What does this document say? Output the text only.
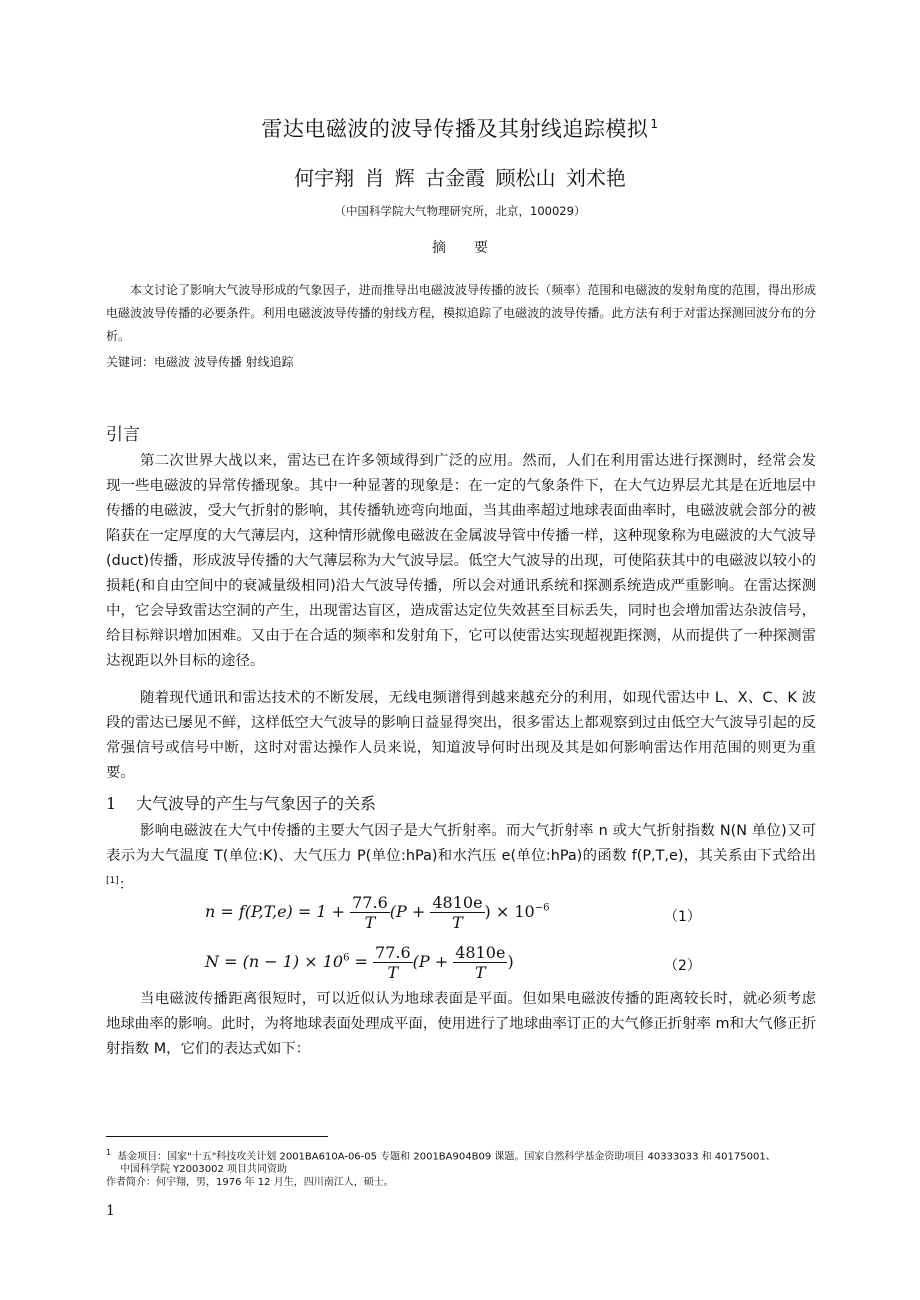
雷达电磁波的波导传播及其射线追踪模拟 $^1$
何宇翔 肖 辉 古金霞 顾松山 刘术艳
（中国科学院大气物理研究所，北京，100029）
摘要

本文讨论了影响大气波导形成的气象因子，进而推导出电磁波波导传播的波长（频率）范围和电磁波的发射角度的范围，得出形成电磁波波导传播的必要条件。利用电磁波波导传播的射线方程，模拟追踪了电磁波的波导传播。此方法有利于对雷达探测回波分布的分析。

关键词：电磁波 波导传播 射线追踪
引言

第二次世界大战以来，雷达已在许多领域得到广泛的应用。然而，人们在利用雷达进行探测时，经常会发现一些电磁波的异常传播现象。其中一种显著的现象是：在一定的气象条件下，在大气边界层尤其是在近地层中传播的电磁波，受大气折射的影响，其传播轨迹弯向地面，当其曲率超过地球表面曲率时，电磁波就会部分的被陷获在一定厚度的大气薄层内，这种情形就像电磁波在金属波导管中传播一样，这种现象称为电磁波的大气波导(duct)传播，形成波导传播的大气薄层称为大气波导层。低空大气波导的出现，可使陷获其中的电磁波以较小的损耗(和自由空间中的衰减量级相同)沿大气波导传播，所以会对通讯系统和探测系统造成严重影响。在雷达探测中，它会导致雷达空洞的产生，出现雷达盲区，造成雷达定位失效甚至目标丢失，同时也会增加雷达杂波信号，给目标辩识增加困难。又由于在合适的频率和发射角下，它可以使雷达实现超视距探测，从而提供了一种探测雷达视距以外目标的途径。

随着现代通讯和雷达技术的不断发展，无线电频谱得到越来越充分的利用，如现代雷达中 L、X、C、K 波段的雷达已屡见不鲜，这样低空大气波导的影响日益显得突出，很多雷达上都观察到过由低空大气波导引起的反常强信号或信号中断，这时对雷达操作人员来说，知道波导何时出现及其是如何影响雷达作用范围的则更为重要。

1 大气波导的产生与气象因子的关系

影响电磁波在大气中传播的主要大气因子是大气折射率。而大气折射率 n 或大气折射指数 N(N 单位)又可表示为大气温度 T(单位:K)、大气压力 P(单位:hPa)和水汽压 e(单位:hPa)的函数 f(P,T,e)，其关系由下式给出[1]：

$n = f(P,T,e) = 1 + \frac{77.6}{T} (P + \frac{4810e}{T}$ ) × $10^{-6}$
（1）
$N = (n - 1) \times 10^6 = \frac{77.6}{T} (P + \frac{4810e}{T}$ )	（2）

当电磁波传播距离很短时，可以近似认为地球表面是平面。但如果电磁波传播的距离较长时，就必须考虑地球曲率的影响。此时，为将地球表面处理成平面，使用进行了地球曲率订正的大气修正折射率 m和大气修正折射指数 M，它们的表达式如下：

$^1$ 基金项目：国家"十五"科技攻关计划 2001BA610A-06-05 专题和 2001BA904B09 课题。国家自然科学基金资助项目 40333033 和 40175001、
中国科学院 Y2003002 项目共同资助
作者简介：何宇翔，男，1976 年 12 月生，四川南江人，硕士。
1
